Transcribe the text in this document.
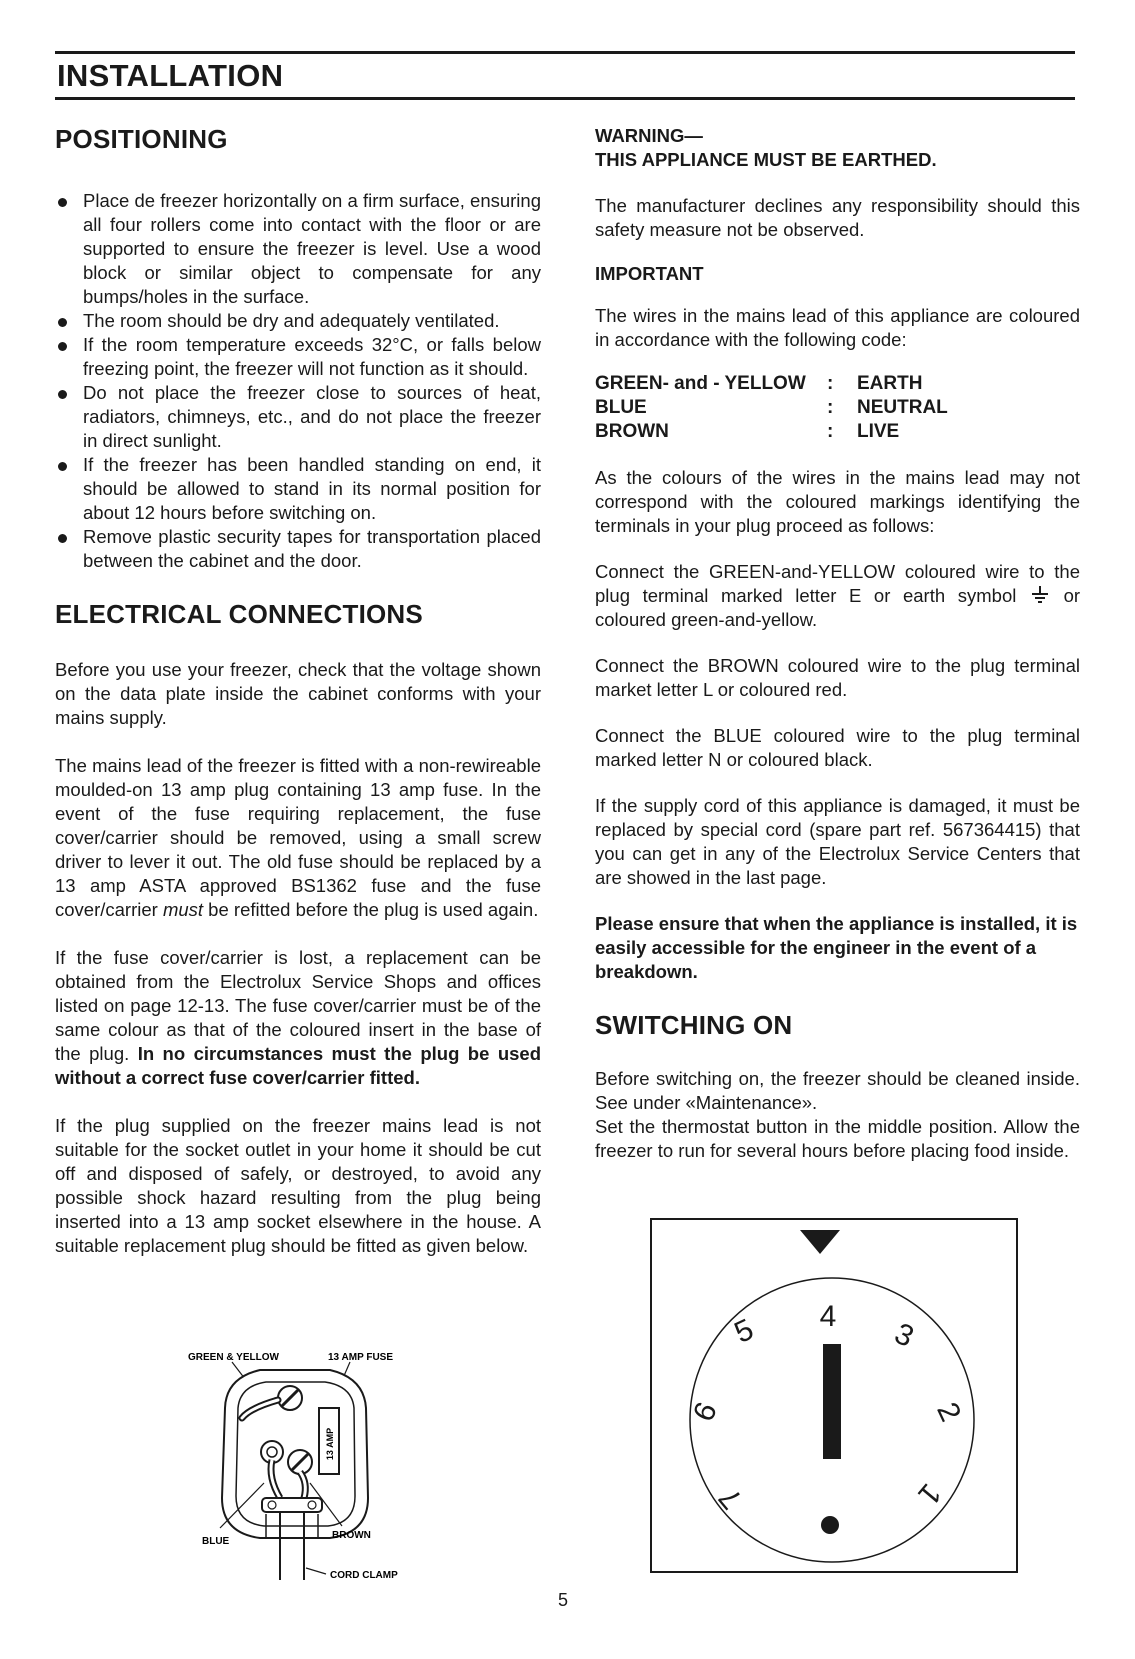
INSTALLATION
POSITIONING
Place de freezer horizontally on a firm surface, ensuring all four rollers come into contact with the floor or are supported to ensure the freezer is level. Use a wood block or similar object to compensate for any bumps/holes in the surface.
The room should be dry and adequately ventilated.
If the room temperature exceeds 32°C, or falls below freezing point, the freezer will not function as it should.
Do not place the freezer close to sources of heat, radiators, chimneys, etc., and do not place the freezer in direct sunlight.
If the freezer has been handled standing on end, it should be allowed to stand in its normal position for about 12 hours before switching on.
Remove plastic security tapes for transportation placed between the cabinet and the door.
ELECTRICAL CONNECTIONS

Before you use your freezer, check that the voltage shown on the data plate inside the cabinet conforms with your mains supply.

The mains lead of the freezer is fitted with a non-rewireable moulded-on 13 amp plug containing 13 amp fuse. In the event of the fuse requiring replacement, the fuse cover/carrier should be removed, using a small screw driver to lever it out. The old fuse should be replaced by a 13 amp ASTA approved BS1362 fuse and the fuse cover/carrier must be refitted before the plug is used again.

If the fuse cover/carrier is lost, a replacement can be obtained from the Electrolux Service Shops and offices listed on page 12-13. The fuse cover/carrier must be of the same colour as that of the coloured insert in the base of the plug. In no circumstances must the plug be used without a correct fuse cover/carrier fitted.

If the plug supplied on the freezer mains lead is not suitable for the socket outlet in your home it should be cut off and disposed of safely, or destroyed, to avoid any possible shock hazard resulting from the plug being inserted into a 13 amp socket elsewhere in the house. A suitable replacement plug should be fitted as given below.

GREEN & YELLOW	13 AMP FUSE
13 AMP
BLUE
BROWN
CORD CLAMP

WARNING—

THIS APPLIANCE MUST BE EARTHED.

The manufacturer declines any responsibility should this safety measure not be observed.

IMPORTANT

The wires in the mains lead of this appliance are coloured in accordance with the following code:

GREEN- and - YELLOW	:	EARTH
BLUE	:	NEUTRAL
BROWN	:	LIVE

As the colours of the wires in the mains lead may not correspond with the coloured markings identifying the terminals in your plug proceed as follows:

Connect the GREEN-and-YELLOW coloured wire to the plug terminal marked letter E or earth symbol	or coloured green-and-yellow.

Connect the BROWN coloured wire to the plug terminal market letter L or coloured red.

Connect the BLUE coloured wire to the plug terminal marked letter N or coloured black.

If the supply cord of this appliance is damaged, it must be replaced by special cord (spare part ref. 567364415) that you can get in any of the Electrolux Service Centers that are showed in the last page.

Please ensure that when the appliance is installed, it is easily accessible for the engineer in the event of a breakdown.

SWITCHING ON

Before switching on, the freezer should be cleaned inside. See under «Maintenance».

Set the thermostat button in the middle position. Allow the freezer to run for several hours before placing food inside.

4
5	3
6	2
7	1
5
